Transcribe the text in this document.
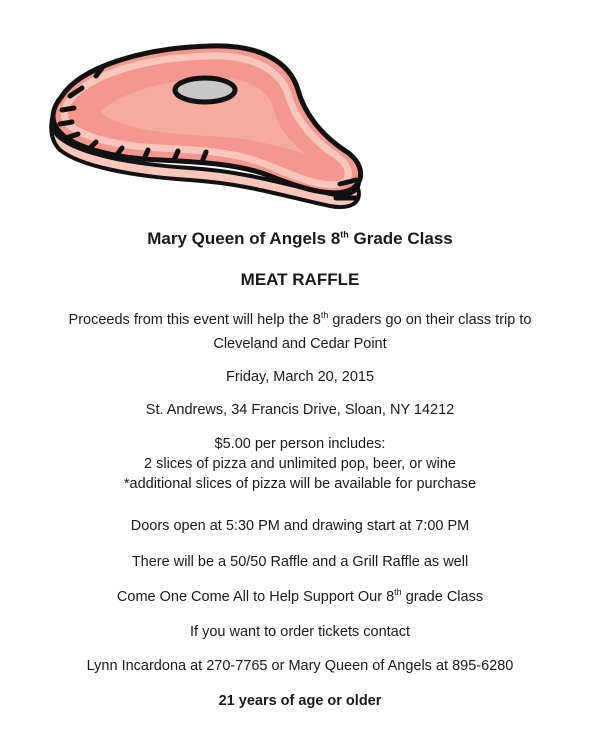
Mary Queen of Angels 8th Grade Class
MEAT RAFFLE
Proceeds from this event will help the 8th graders go on their class trip to
Cleveland and Cedar Point
Friday, March 20, 2015
St. Andrews, 34 Francis Drive, Sloan, NY 14212
$5.00 per person includes:
2 slices of pizza and unlimited pop, beer, or wine
*additional slices of pizza will be available for purchase
Doors open at 5:30 PM and drawing start at 7:00 PM
There will be a 50/50 Raffle and a Grill Raffle as well
Come One Come All to Help Support Our 8th grade Class
If you want to order tickets contact
Lynn Incardona at 270-7765 or Mary Queen of Angels at 895-6280
21 years of age or older
